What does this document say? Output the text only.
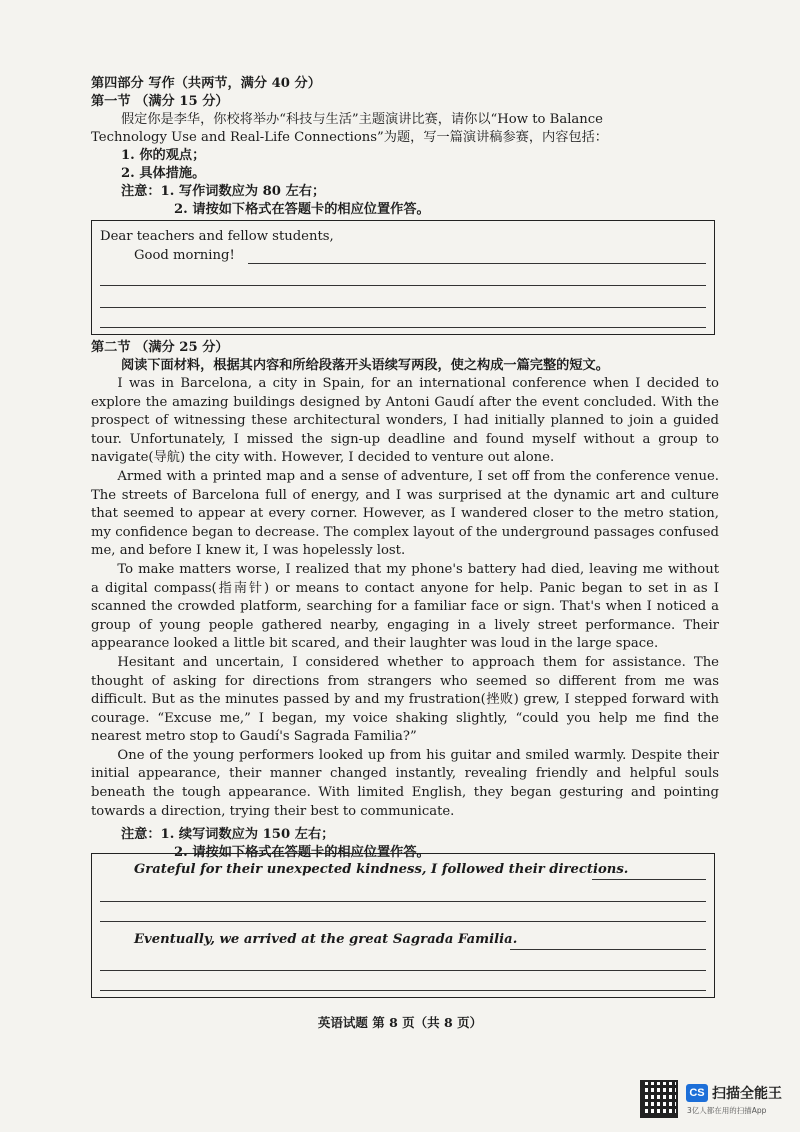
第四部分 写作（共两节，满分 40 分）
第一节 （满分 15 分）
假定你是李华，你校将举办“科技与生活”主题演讲比赛，请你以“How to Balance
Technology Use and Real-Life Connections”为题，写一篇演讲稿参赛，内容包括：
1. 你的观点；
2. 具体措施。
注意：1. 写作词数应为 80 左右；
2. 请按如下格式在答题卡的相应位置作答。
Dear teachers and fellow students,
Good morning!
第二节 （满分 25 分）
阅读下面材料，根据其内容和所给段落开头语续写两段，使之构成一篇完整的短文。

I was in Barcelona, a city in Spain, for an international conference when I decided to explore the amazing buildings designed by Antoni Gaudí after the event concluded. With the prospect of witnessing these architectural wonders, I had initially planned to join a guided tour. Unfortunately, I missed the sign-up deadline and found myself without a group to navigate(导航) the city with. However, I decided to venture out alone.

Armed with a printed map and a sense of adventure, I set off from the conference venue. The streets of Barcelona full of energy, and I was surprised at the dynamic art and culture that seemed to appear at every corner. However, as I wandered closer to the metro station, my confidence began to decrease. The complex layout of the underground passages confused me, and before I knew it, I was hopelessly lost.

To make matters worse, I realized that my phone's battery had died, leaving me without a digital compass(指南针) or means to contact anyone for help. Panic began to set in as I scanned the crowded platform, searching for a familiar face or sign. That's when I noticed a group of young people gathered nearby, engaging in a lively street performance. Their appearance looked a little bit scared, and their laughter was loud in the large space.

Hesitant and uncertain, I considered whether to approach them for assistance. The thought of asking for directions from strangers who seemed so different from me was difficult. But as the minutes passed by and my frustration(挫败) grew, I stepped forward with courage. “Excuse me,” I began, my voice shaking slightly, “could you help me find the nearest metro stop to Gaudí's Sagrada Familia?”

One of the young performers looked up from his guitar and smiled warmly. Despite their initial appearance, their manner changed instantly, revealing friendly and helpful souls beneath the tough appearance. With limited English, they began gesturing and pointing towards a direction, trying their best to communicate.

注意：1. 续写词数应为 150 左右；
2. 请按如下格式在答题卡的相应位置作答。
Grateful for their unexpected kindness, I followed their directions.
Eventually, we arrived at the great Sagrada Familia.
英语试题 第 8 页（共 8 页）
CS 扫描全能王
3亿人都在用的扫描App
